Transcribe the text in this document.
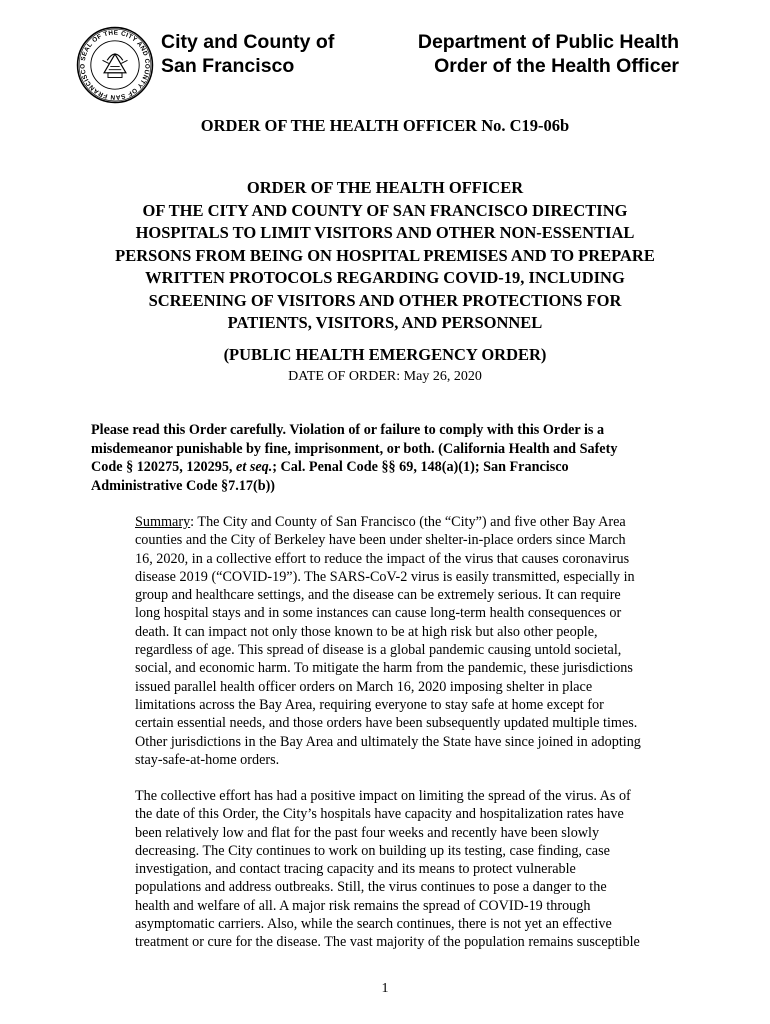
SEAL OF THE CITY AND COUNTY OF SAN FRANCISCO
City and County of
San Francisco
Department of Public Health
Order of the Health Officer
ORDER OF THE HEALTH OFFICER No. C19-06b
ORDER OF THE HEALTH OFFICER
OF THE CITY AND COUNTY OF SAN FRANCISCO DIRECTING
HOSPITALS TO LIMIT VISITORS AND OTHER NON-ESSENTIAL
PERSONS FROM BEING ON HOSPITAL PREMISES AND TO PREPARE
WRITTEN PROTOCOLS REGARDING COVID-19, INCLUDING
SCREENING OF VISITORS AND OTHER PROTECTIONS FOR
PATIENTS, VISITORS, AND PERSONNEL
(PUBLIC HEALTH EMERGENCY ORDER)
DATE OF ORDER: May 26, 2020
Please read this Order carefully. Violation of or failure to comply with this Order is a
misdemeanor punishable by fine, imprisonment, or both. (California Health and Safety
Code § 120275, 120295, et seq.; Cal. Penal Code §§ 69, 148(a)(1); San Francisco
Administrative Code §7.17(b))
Summary: The City and County of San Francisco (the “City”) and five other Bay Area
counties and the City of Berkeley have been under shelter-in-place orders since March
16, 2020, in a collective effort to reduce the impact of the virus that causes coronavirus
disease 2019 (“COVID-19”). The SARS-CoV-2 virus is easily transmitted, especially in
group and healthcare settings, and the disease can be extremely serious. It can require
long hospital stays and in some instances can cause long-term health consequences or
death. It can impact not only those known to be at high risk but also other people,
regardless of age. This spread of disease is a global pandemic causing untold societal,
social, and economic harm. To mitigate the harm from the pandemic, these jurisdictions
issued parallel health officer orders on March 16, 2020 imposing shelter in place
limitations across the Bay Area, requiring everyone to stay safe at home except for
certain essential needs, and those orders have been subsequently updated multiple times.
Other jurisdictions in the Bay Area and ultimately the State have since joined in adopting
stay-safe-at-home orders.
The collective effort has had a positive impact on limiting the spread of the virus. As of
the date of this Order, the City’s hospitals have capacity and hospitalization rates have
been relatively low and flat for the past four weeks and recently have been slowly
decreasing. The City continues to work on building up its testing, case finding, case
investigation, and contact tracing capacity and its means to protect vulnerable
populations and address outbreaks. Still, the virus continues to pose a danger to the
health and welfare of all. A major risk remains the spread of COVID-19 through
asymptomatic carriers. Also, while the search continues, there is not yet an effective
treatment or cure for the disease. The vast majority of the population remains susceptible
1
